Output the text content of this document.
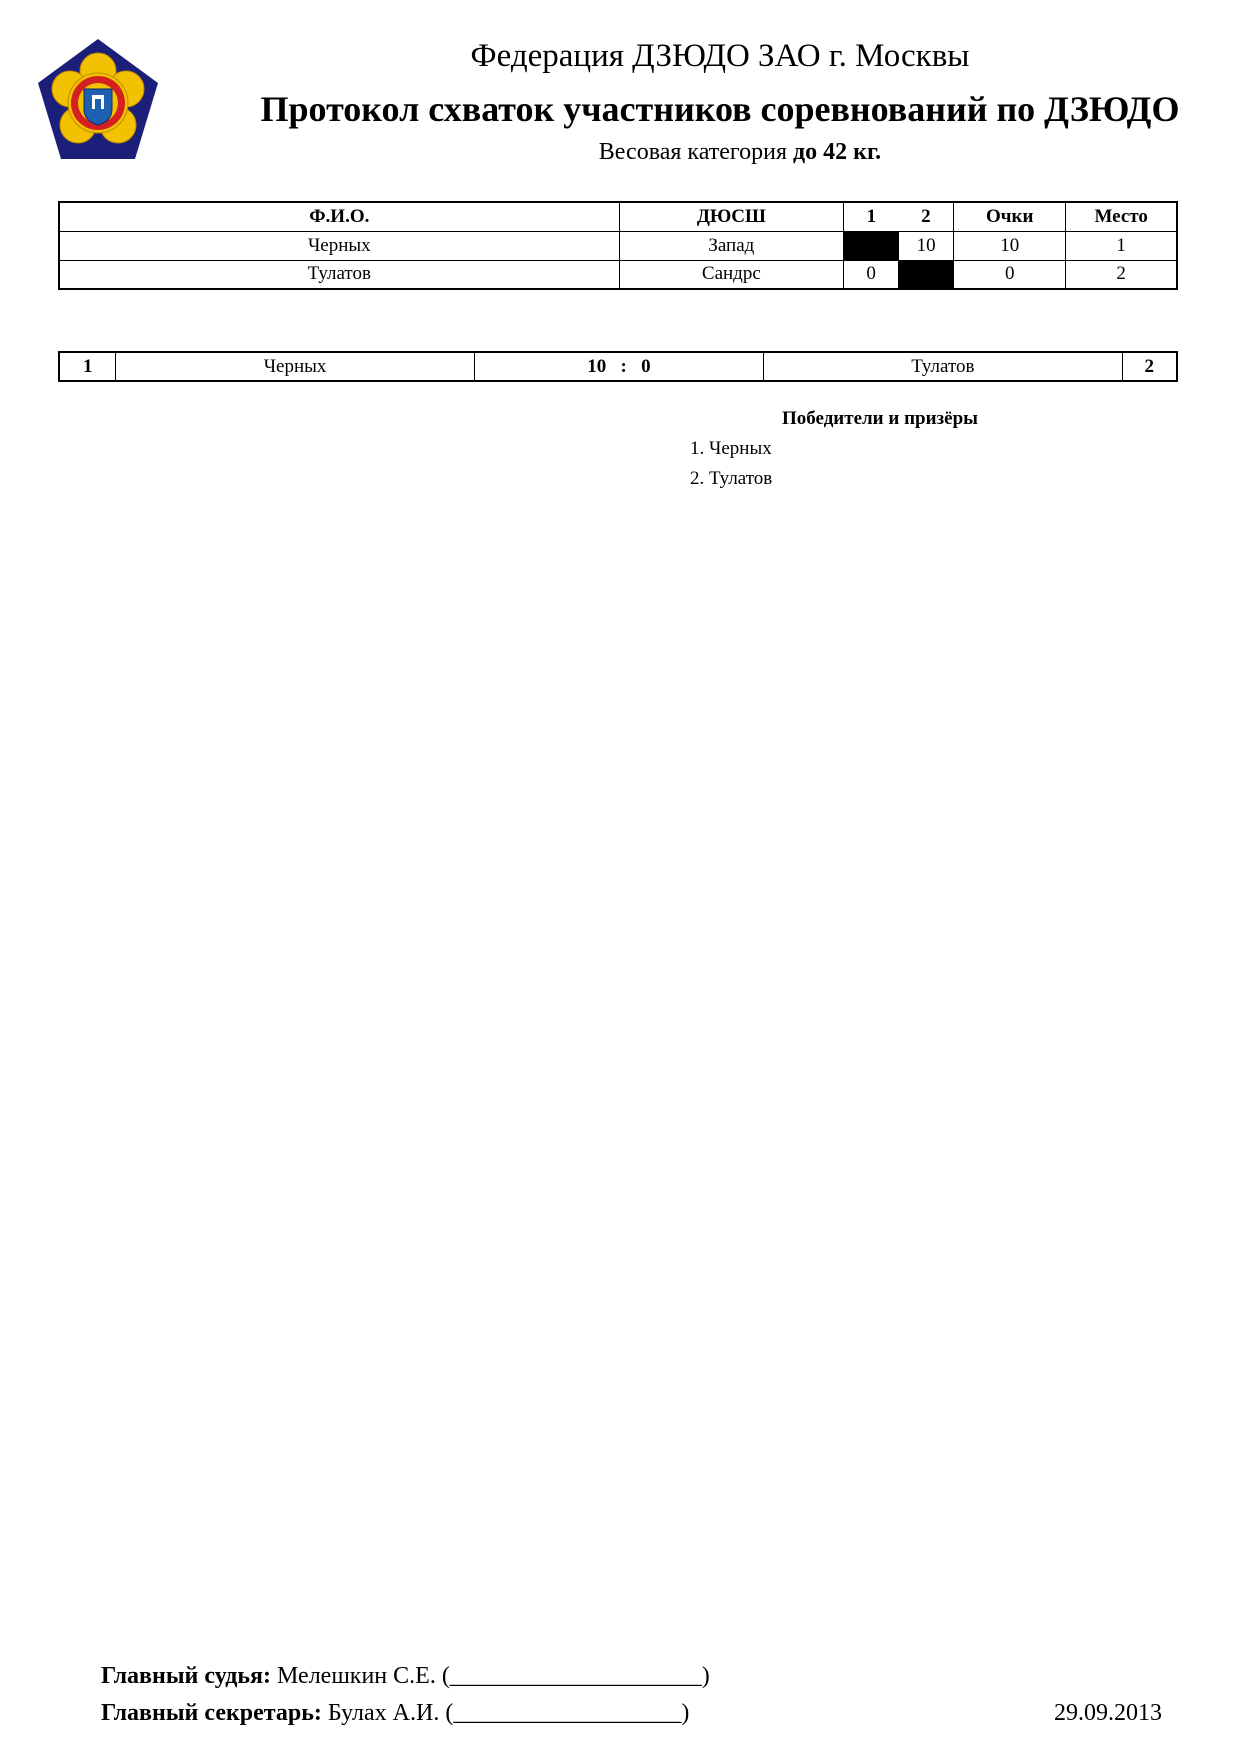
Федерация ДЗЮДО ЗАО г. Москвы
Протокол схваток участников соревнований по ДЗЮДО
Весовая категория до 42 кг.
Ф.И.О.	ДЮСШ	1	2	Очки	Место
Черных	Запад		10	10	1
Тулатов	Сандрс	0		0	2
1	Черных	10 : 0	Тулатов	2
Победители и призёры
1. Черных
2. Тулатов
Главный судья: Мелешкин С.Е. (_____________________)
Главный секретарь: Булах А.И. (___________________)	29.09.2013
